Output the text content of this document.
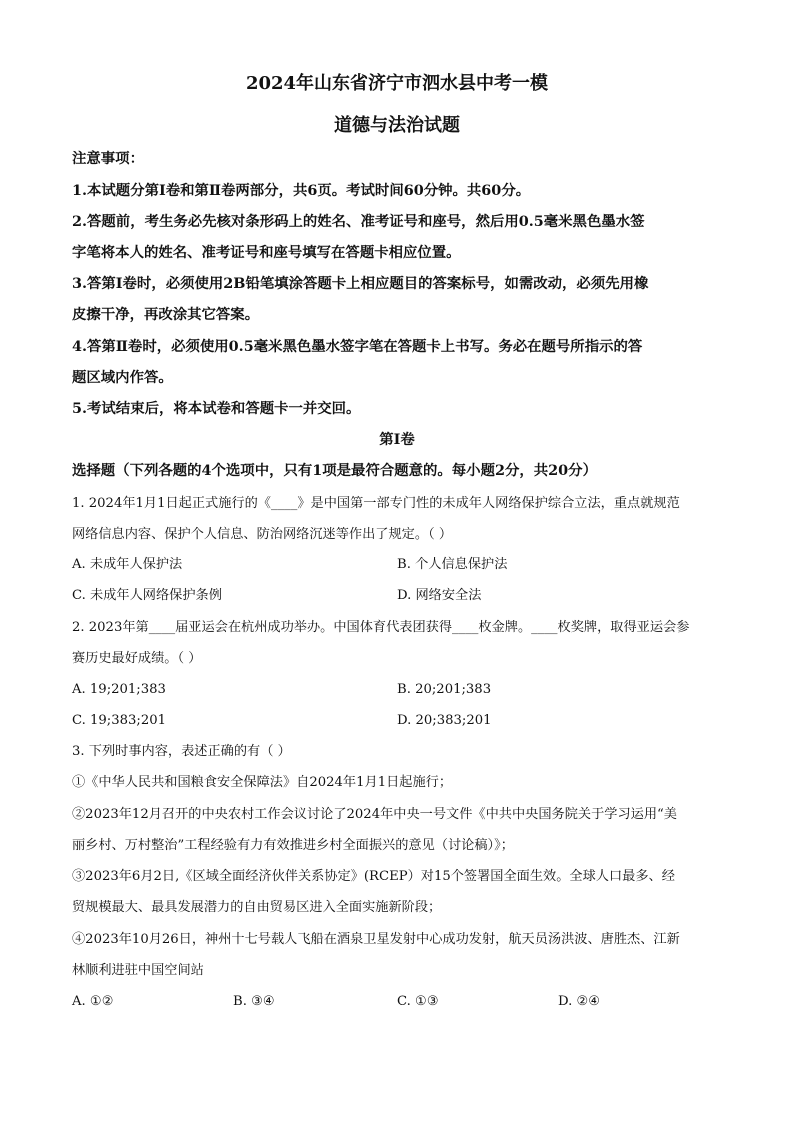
2024年山东省济宁市泗水县中考一模
道德与法治试题
注意事项：
1.本试题分第Ⅰ卷和第Ⅱ卷两部分，共6页。考试时间60分钟。共60分。
2.答题前，考生务必先核对条形码上的姓名、准考证号和座号，然后用0.5毫米黑色墨水签
字笔将本人的姓名、准考证号和座号填写在答题卡相应位置。
3.答第Ⅰ卷时，必须使用2B铅笔填涂答题卡上相应题目的答案标号，如需改动，必须先用橡
皮擦干净，再改涂其它答案。
4.答第Ⅱ卷时，必须使用0.5毫米黑色墨水签字笔在答题卡上书写。务必在题号所指示的答
题区域内作答。
5.考试结束后，将本试卷和答题卡一并交回。
第Ⅰ卷
选择题（下列各题的4个选项中，只有1项是最符合题意的。每小题2分，共20分）
1. 2024年1月1日起正式施行的《____》是中国第一部专门性的未成年人网络保护综合立法，重点就规范
网络信息内容、保护个人信息、防治网络沉迷等作出了规定。（ ）
A. 未成年人保护法	B. 个人信息保护法
C. 未成年人网络保护条例	D. 网络安全法
2. 2023年第____届亚运会在杭州成功举办。中国体育代表团获得____枚金牌。____枚奖牌，取得亚运会参
赛历史最好成绩。（ ）
A. 19;201;383	B. 20;201;383
C. 19;383;201	D. 20;383;201
3. 下列时事内容，表述正确的有（ ）
①《中华人民共和国粮食安全保障法》自2024年1月1日起施行；
②2023年12月召开的中央农村工作会议讨论了2024年中央一号文件《中共中央国务院关于学习运用“美
丽乡村、万村整治”工程经验有力有效推进乡村全面振兴的意见（讨论稿）》；
③2023年6月2日,《区域全面经济伙伴关系协定》(RCEP）对15个签署国全面生效。全球人口最多、经
贸规模最大、最具发展潜力的自由贸易区进入全面实施新阶段；
④2023年10月26日，神州十七号载人飞船在酒泉卫星发射中心成功发射，航天员汤洪波、唐胜杰、江新
林顺利进驻中国空间站
A. ①②	B. ③④	C. ①③	D. ②④
